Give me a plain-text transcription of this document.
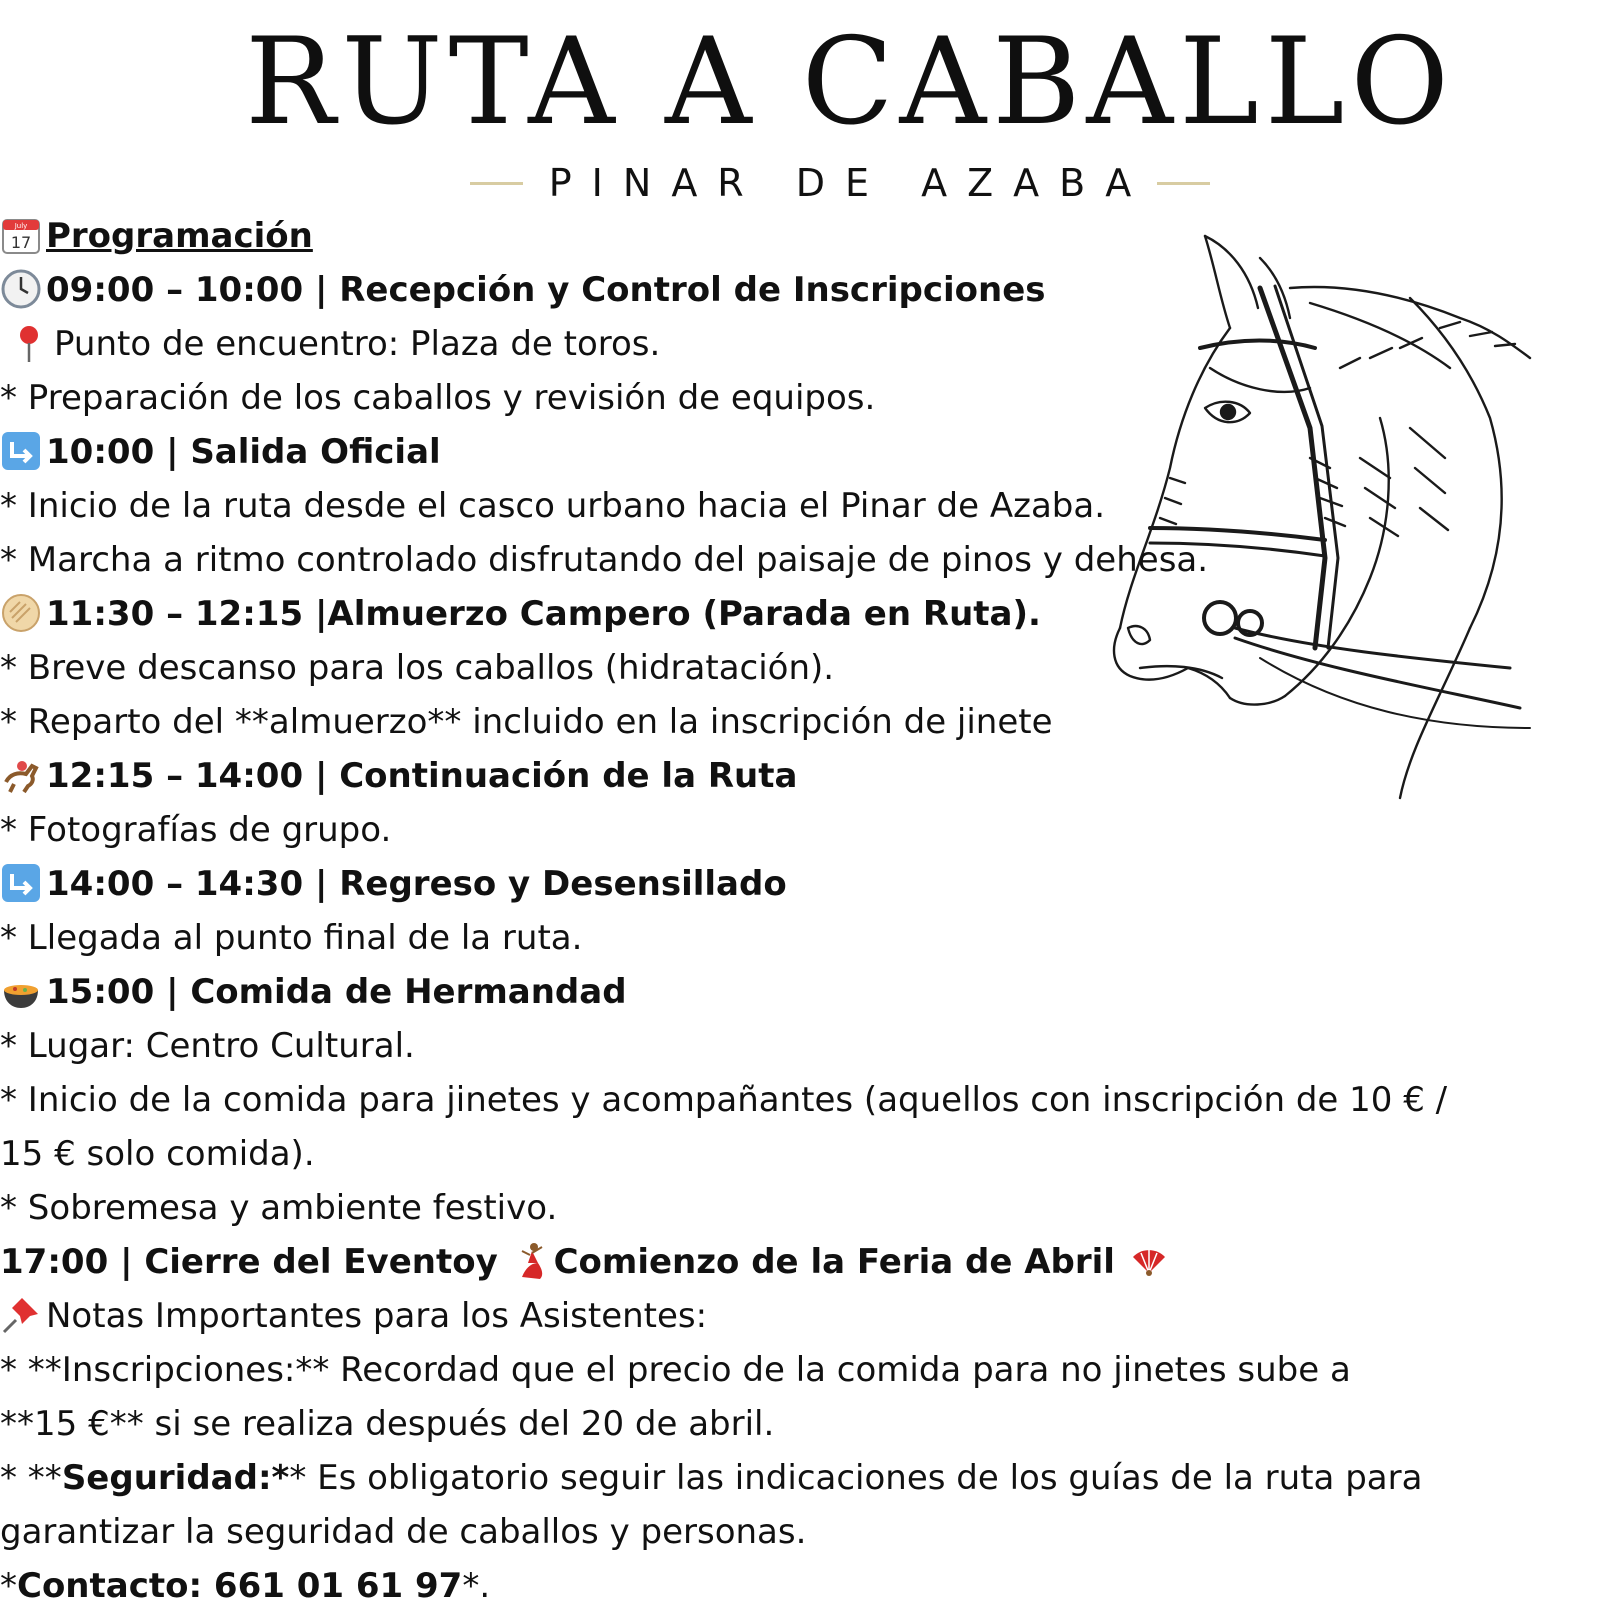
RUTA A CABALLO
PINAR DE AZABA
July
17 Programación
09:00 – 10:00 | Recepción y Control de Inscripciones
Punto de encuentro: Plaza de toros.
* Preparación de los caballos y revisión de equipos.
10:00 | Salida Oficial
* Inicio de la ruta desde el casco urbano hacia el Pinar de Azaba.
* Marcha a ritmo controlado disfrutando del paisaje de pinos y dehesa.
11:30 – 12:15 |Almuerzo Campero (Parada en Ruta).
* Breve descanso para los caballos (hidratación).
* Reparto del **almuerzo** incluido en la inscripción de jinete
12:15 – 14:00 | Continuación de la Ruta
* Fotografías de grupo.
14:00 – 14:30 | Regreso y Desensillado
* Llegada al punto final de la ruta.
15:00 | Comida de Hermandad
* Lugar: Centro Cultural.
* Inicio de la comida para jinetes y acompañantes (aquellos con inscripción de 10 € /
15 € solo comida).
* Sobremesa y ambiente festivo.
17:00 | Cierre del Eventoy
Comienzo de la Feria de Abril
Notas Importantes para los Asistentes:
* **Inscripciones:** Recordad que el precio de la comida para no jinetes sube a
**15 €** si se realiza después del 20 de abril.
* **Seguridad:** Es obligatorio seguir las indicaciones de los guías de la ruta para
garantizar la seguridad de caballos y personas.
*Contacto: 661 01 61 97*.
